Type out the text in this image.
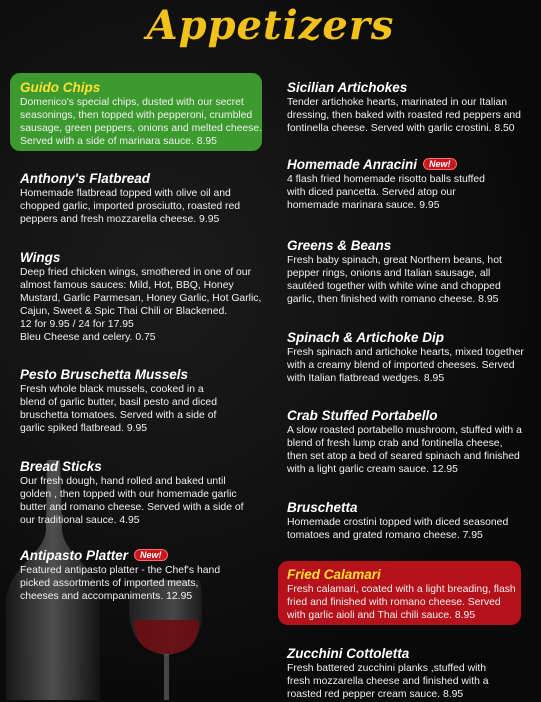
Appetizers
Guido Chips

Domenico's special chips, dusted with our secret seasonings, then topped with pepperoni, crumbled sausage, green peppers, onions and melted cheese. Served with a side of marinara sauce. 8.95

Anthony's Flatbread

Homemade flatbread topped with olive oil and chopped garlic, imported prosciutto, roasted red peppers and fresh mozzarella cheese. 9.95

Wings

Deep fried chicken wings, smothered in one of our almost famous sauces: Mild, Hot, BBQ, Honey Mustard, Garlic Parmesan, Honey Garlic, Hot Garlic, Cajun, Sweet & Spic Thai Chili or Blackened.

12 for 9.95 / 24 for 17.95

Bleu Cheese and celery. 0.75

Pesto Bruschetta Mussels

Fresh whole black mussels, cooked in a blend of garlic butter, basil pesto and diced bruschetta tomatoes. Served with a side of garlic spiked flatbread. 9.95

Bread Sticks

Our fresh dough, hand rolled and baked until golden , then topped with our homemade garlic butter and romano cheese. Served with a side of our traditional sauce. 4.95

Antipasto Platter New!

Featured antipasto platter - the Chef's hand picked assortments of imported meats, cheeses and accompaniments. 12.95

Sicilian Artichokes

Tender artichoke hearts, marinated in our Italian dressing, then baked with roasted red peppers and fontinella cheese. Served with garlic crostini. 8.50

Homemade Anracini New!

4 flash fried homemade risotto balls stuffed with diced pancetta. Served atop our homemade marinara sauce. 9.95

Greens & Beans

Fresh baby spinach, great Northern beans, hot pepper rings, onions and Italian sausage, all sautéed together with white wine and chopped garlic, then finished with romano cheese. 8.95

Spinach & Artichoke Dip

Fresh spinach and artichoke hearts, mixed together with a creamy blend of imported cheeses. Served with Italian flatbread wedges. 8.95

Crab Stuffed Portabello

A slow roasted portabello mushroom, stuffed with a blend of fresh lump crab and fontinella cheese, then set atop a bed of seared spinach and finished with a light garlic cream sauce. 12.95

Bruschetta

Homemade crostini topped with diced seasoned tomatoes and grated romano cheese. 7.95

Fried Calamari

Fresh calamari, coated with a light breading, flash fried and finished with romano cheese. Served with garlic aioli and Thai chili sauce. 8.95

Zucchini Cottoletta

Fresh battered zucchini planks ,stuffed with fresh mozzarella cheese and finished with a roasted red pepper cream sauce. 8.95
